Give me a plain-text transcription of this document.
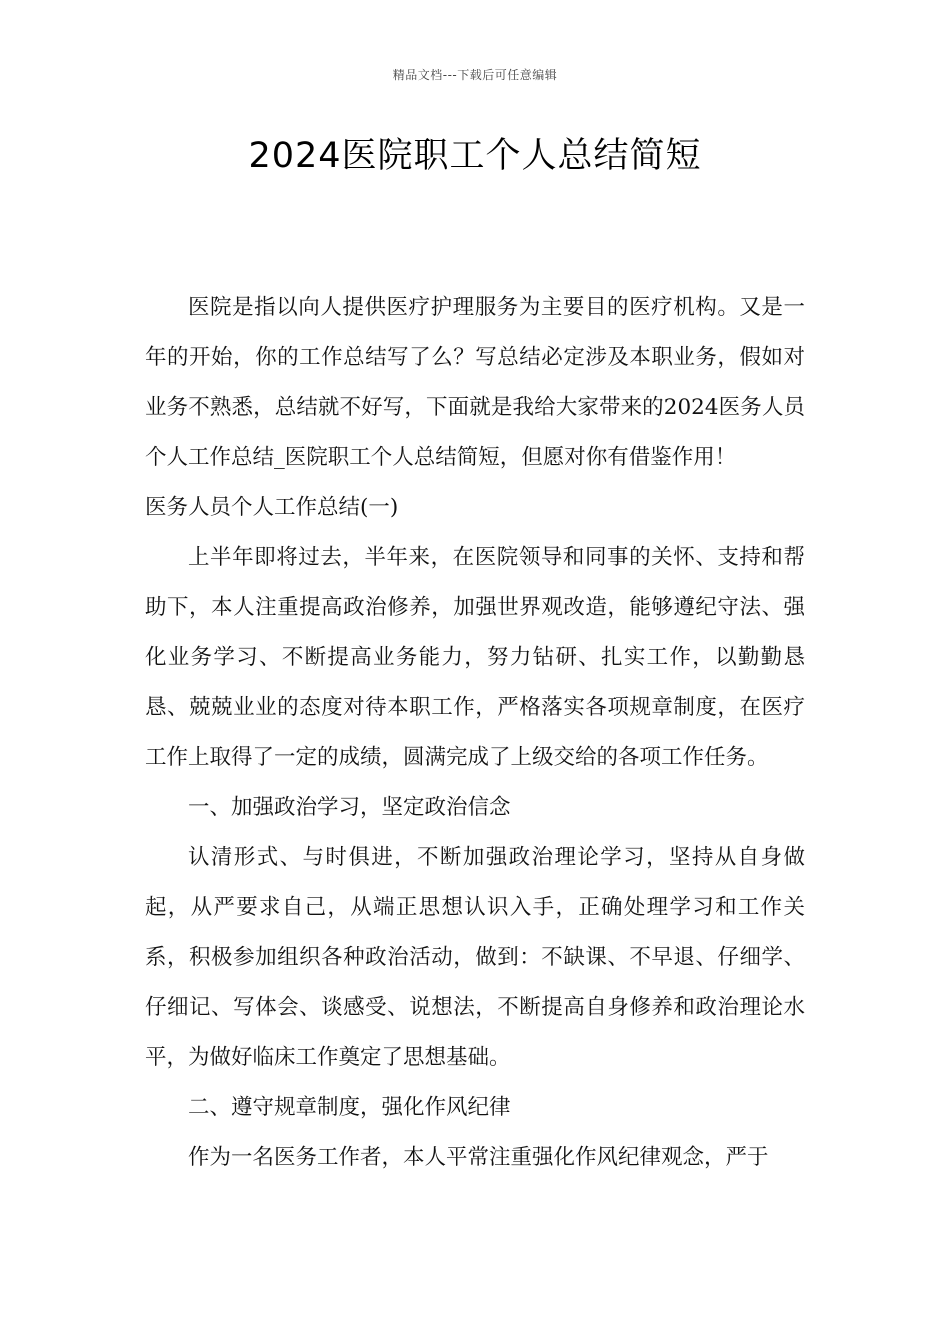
精品文档---下载后可任意编辑
2024医院职工个人总结简短

医院是指以向人提供医疗护理服务为主要目的医疗机构。又是一年的开始，你的工作总结写了么？写总结必定涉及本职业务，假如对业务不熟悉，总结就不好写，下面就是我给大家带来的2024医务人员个人工作总结_医院职工个人总结简短，但愿对你有借鉴作用！

医务人员个人工作总结(一)

上半年即将过去，半年来，在医院领导和同事的关怀、支持和帮助下，本人注重提高政治修养，加强世界观改造，能够遵纪守法、强化业务学习、不断提高业务能力，努力钻研、扎实工作，以勤勤恳恳、兢兢业业的态度对待本职工作，严格落实各项规章制度，在医疗工作上取得了一定的成绩，圆满完成了上级交给的各项工作任务。

一、加强政治学习，坚定政治信念

认清形式、与时俱进，不断加强政治理论学习，坚持从自身做起，从严要求自己，从端正思想认识入手，正确处理学习和工作关系，积极参加组织各种政治活动，做到：不缺课、不早退、仔细学、仔细记、写体会、谈感受、说想法，不断提高自身修养和政治理论水平，为做好临床工作奠定了思想基础。

二、遵守规章制度，强化作风纪律

作为一名医务工作者，本人平常注重强化作风纪律观念，严于
